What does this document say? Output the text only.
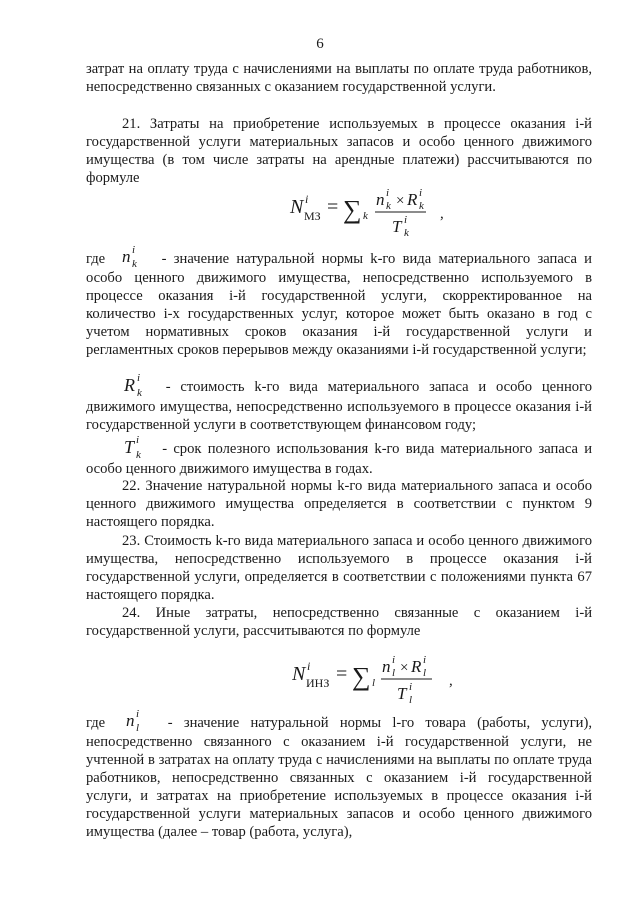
6
затрат на оплату труда с начислениями на выплаты по оплате труда работников, непосредственно связанных с оказанием государственной услуги.
21. Затраты на приобретение используемых в процессе оказания i-й государственной услуги материальных запасов и особо ценного движимого имущества (в том числе затраты на арендные платежи) рассчитываются по формуле
N i
МЗ = ∑ k
n i
k × R i
k
T i
k
,
где n i
k - значение натуральной нормы k-го вида материального запаса и особо ценного движимого имущества, непосредственно используемого в процессе оказания i-й государственной услуги, скорректированное на количество i-х государственных услуг, которое может быть оказано в год с учетом нормативных сроков оказания i-й государственной услуги и регламентных сроков перерывов между оказаниями i-й государственной услуги;
R i
k - стоимость k-го вида материального запаса и особо ценного движимого имущества, непосредственно используемого в процессе оказания i-й государственной услуги в соответствующем финансовом году;
T i
k - срок полезного использования k-го вида материального запаса и особо ценного движимого имущества в годах.
22. Значение натуральной нормы k-го вида материального запаса и особо ценного движимого имущества определяется в соответствии с пунктом 9 настоящего порядка.
23. Стоимость k-го вида материального запаса и особо ценного движимого имущества, непосредственно используемого в процессе оказания i-й государственной услуги, определяется в соответствии с положениями пункта 67 настоящего порядка.
24. Иные затраты, непосредственно связанные с оказанием i-й государственной услуги, рассчитываются по формуле
N i
ИНЗ = ∑ l
n i
l × R i
l
T i
l
,
где n i
l - значение натуральной нормы l-го товара (работы, услуги), непосредственно связанного с оказанием i-й государственной услуги, не учтенной в затратах на оплату труда с начислениями на выплаты по оплате труда работников, непосредственно связанных с оказанием i-й государственной услуги, и затратах на приобретение используемых в процессе оказания i-й государственной услуги материальных запасов и особо ценного движимого имущества (далее – товар (работа, услуга),
